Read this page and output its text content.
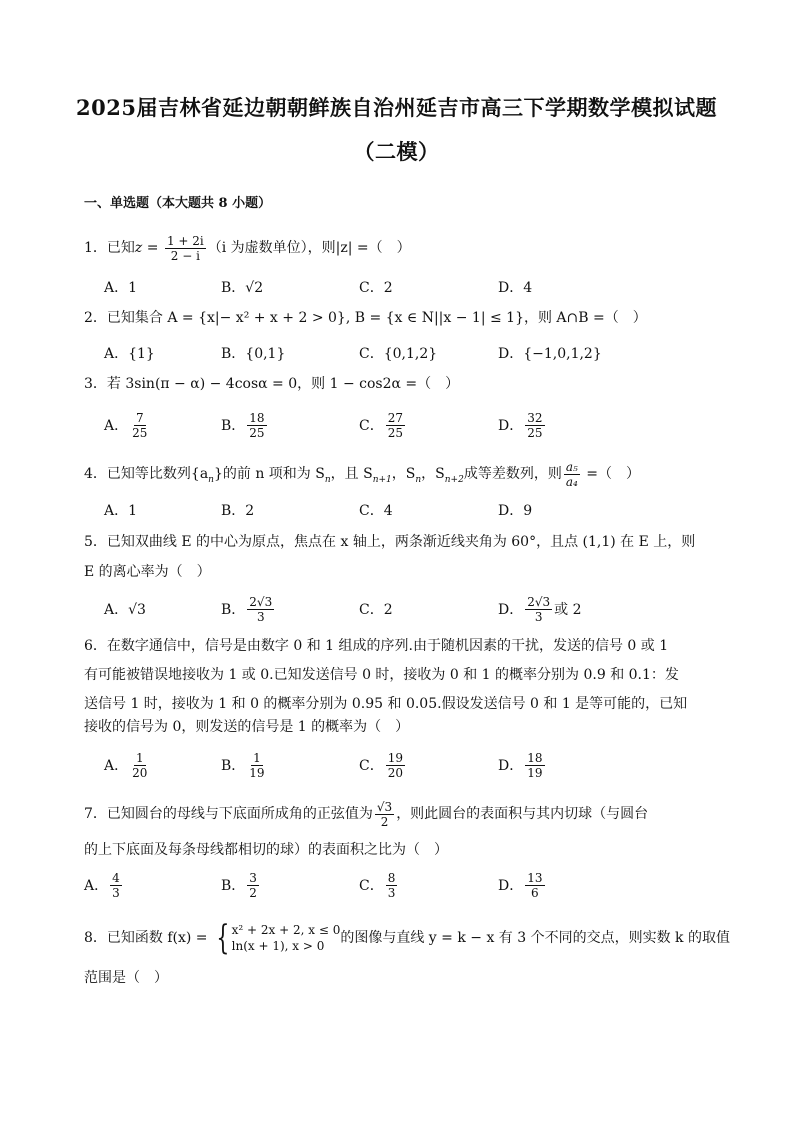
2025届吉林省延边朝朝鲜族自治州延吉市高三下学期数学模拟试题
（二模）
一、单选题（本大题共 8 小题）
1．已知$z = \frac{1 + 2i}{2 - i} (i$ 为虚数单位），则|z| =（　）
A．1	B．√2	C．2	D．4
2．已知集合 A = {x|− x² + x + 2 > 0}, B = {x ∈ N||x − 1| ≤ 1}，则 A∩B =（　）
A．{1}	B．{0,1}	C．{0,1,2}	D．{−1,0,1,2}
3．若 3sin(π − α) − 4cosα = 0，则 1 − cos2α =（　）
A． $\frac{7}{25}$	B． $\frac{18}{25}$	C． $\frac{27}{25}$	D． $\frac{32}{25}$
4．已知等比数列$\{a_n\}$的前 n 项和为 $S_n$，且 $S_{n+1}$，$S_n$，$S_{n+2}$成等差数列，则 $\frac{\text{a₅}}{\text{a₄}}$ =（　）
A．1	B．2	C．4	D．9
5．已知双曲线 E 的中心为原点，焦点在 x 轴上，两条渐近线夹角为 60°，且点 (1,1) 在 E 上，则
E 的离心率为（　）
A．√3	B． $\frac{2√3}{3}$	C．2	D． $\frac{2√3}{3}$ 或 2
6．在数字通信中，信号是由数字 0 和 1 组成的序列.由于随机因素的干扰，发送的信号 0 或 1
有可能被错误地接收为 1 或 0.已知发送信号 0 时，接收为 0 和 1 的概率分别为 0.9 和 0.1：发
送信号 1 时，接收为 1 和 0 的概率分别为 0.95 和 0.05.假设发送信号 0 和 1 是等可能的，已知
接收的信号为 0，则发送的信号是 1 的概率为（　）
A． $\frac{1}{20}$	B． $\frac{1}{19}$	C． $\frac{19}{20}$	D． $\frac{18}{19}$
7．已知圆台的母线与下底面所成角的正弦值为 $\frac{√3}{2}$ ，则此圆台的表面积与其内切球（与圆台
的上下底面及每条母线都相切的球）的表面积之比为（　）
A． $\frac{4}{3}$	B． $\frac{3}{2}$	C． $\frac{8}{3}$	D． $\frac{13}{6}$
8．已知函数 f(x) = { x² + 2x + 2, x ≤ 0
ln(x + 1), x > 0	的图像与直线 y = k − x 有 3 个不同的交点，则实数 k 的取值
范围是（　）
